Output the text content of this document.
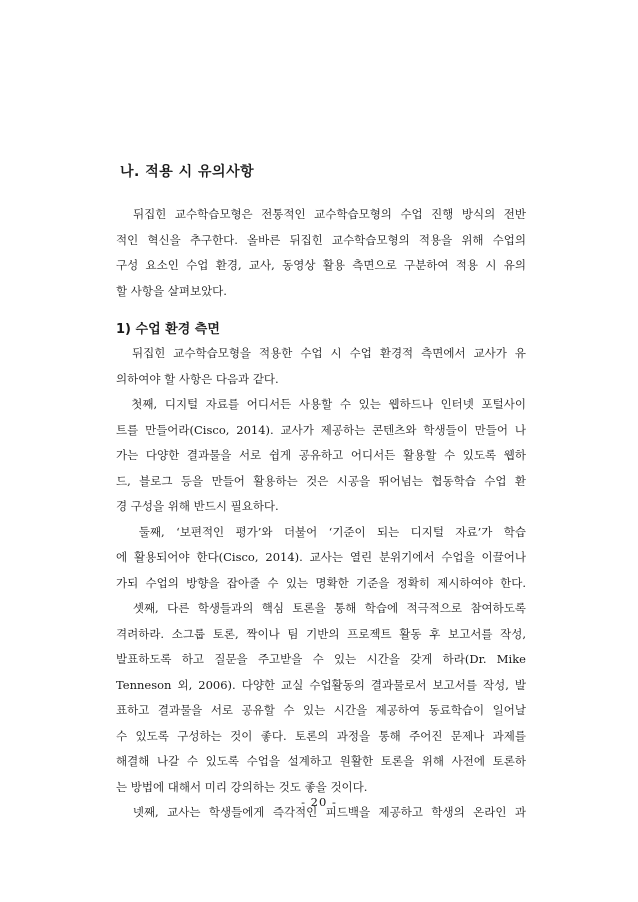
나. 적용 시 유의사항
뒤집힌 교수학습모형은 전통적인 교수학습모형의 수업 진행 방식의 전반
적인 혁신을 추구한다. 올바른 뒤집힌 교수학습모형의 적용을 위해 수업의
구성 요소인 수업 환경, 교사, 동영상 활용 측면으로 구분하여 적용 시 유의
할 사항을 살펴보았다.
1) 수업 환경 측면
뒤집힌 교수학습모형을 적용한 수업 시 수업 환경적 측면에서 교사가 유
의하여야 할 사항은 다음과 같다.
첫째, 디지털 자료를 어디서든 사용할 수 있는 웹하드나 인터넷 포털사이
트를 만들어라(Cisco, 2014). 교사가 제공하는 콘텐츠와 학생들이 만들어 나
가는 다양한 결과물을 서로 쉽게 공유하고 어디서든 활용할 수 있도록 웹하
드, 블로그 등을 만들어 활용하는 것은 시공을 뛰어넘는 협동학습 수업 환
경 구성을 위해 반드시 필요하다.
둘째, ‘보편적인 평가’와 더불어 ‘기준이 되는 디지털 자료’가 학습
에 활용되어야 한다(Cisco, 2014). 교사는 열린 분위기에서 수업을 이끌어나
가되 수업의 방향을 잡아줄 수 있는 명확한 기준을 정확히 제시하여야 한다.
셋째, 다른 학생들과의 핵심 토론을 통해 학습에 적극적으로 참여하도록
격려하라. 소그룹 토론, 짝이나 팀 기반의 프로젝트 활동 후 보고서를 작성,
발표하도록 하고 질문을 주고받을 수 있는 시간을 갖게 하라(Dr. Mike
Tenneson 외, 2006). 다양한 교실 수업활동의 결과물로서 보고서를 작성, 발
표하고 결과물을 서로 공유할 수 있는 시간을 제공하여 동료학습이 일어날
수 있도록 구성하는 것이 좋다. 토론의 과정을 통해 주어진 문제나 과제를
해결해 나갈 수 있도록 수업을 설계하고 원활한 토론을 위해 사전에 토론하
는 방법에 대해서 미리 강의하는 것도 좋을 것이다.
넷째, 교사는 학생들에게 즉각적인 피드백을 제공하고 학생의 온라인 과
- 20 -
